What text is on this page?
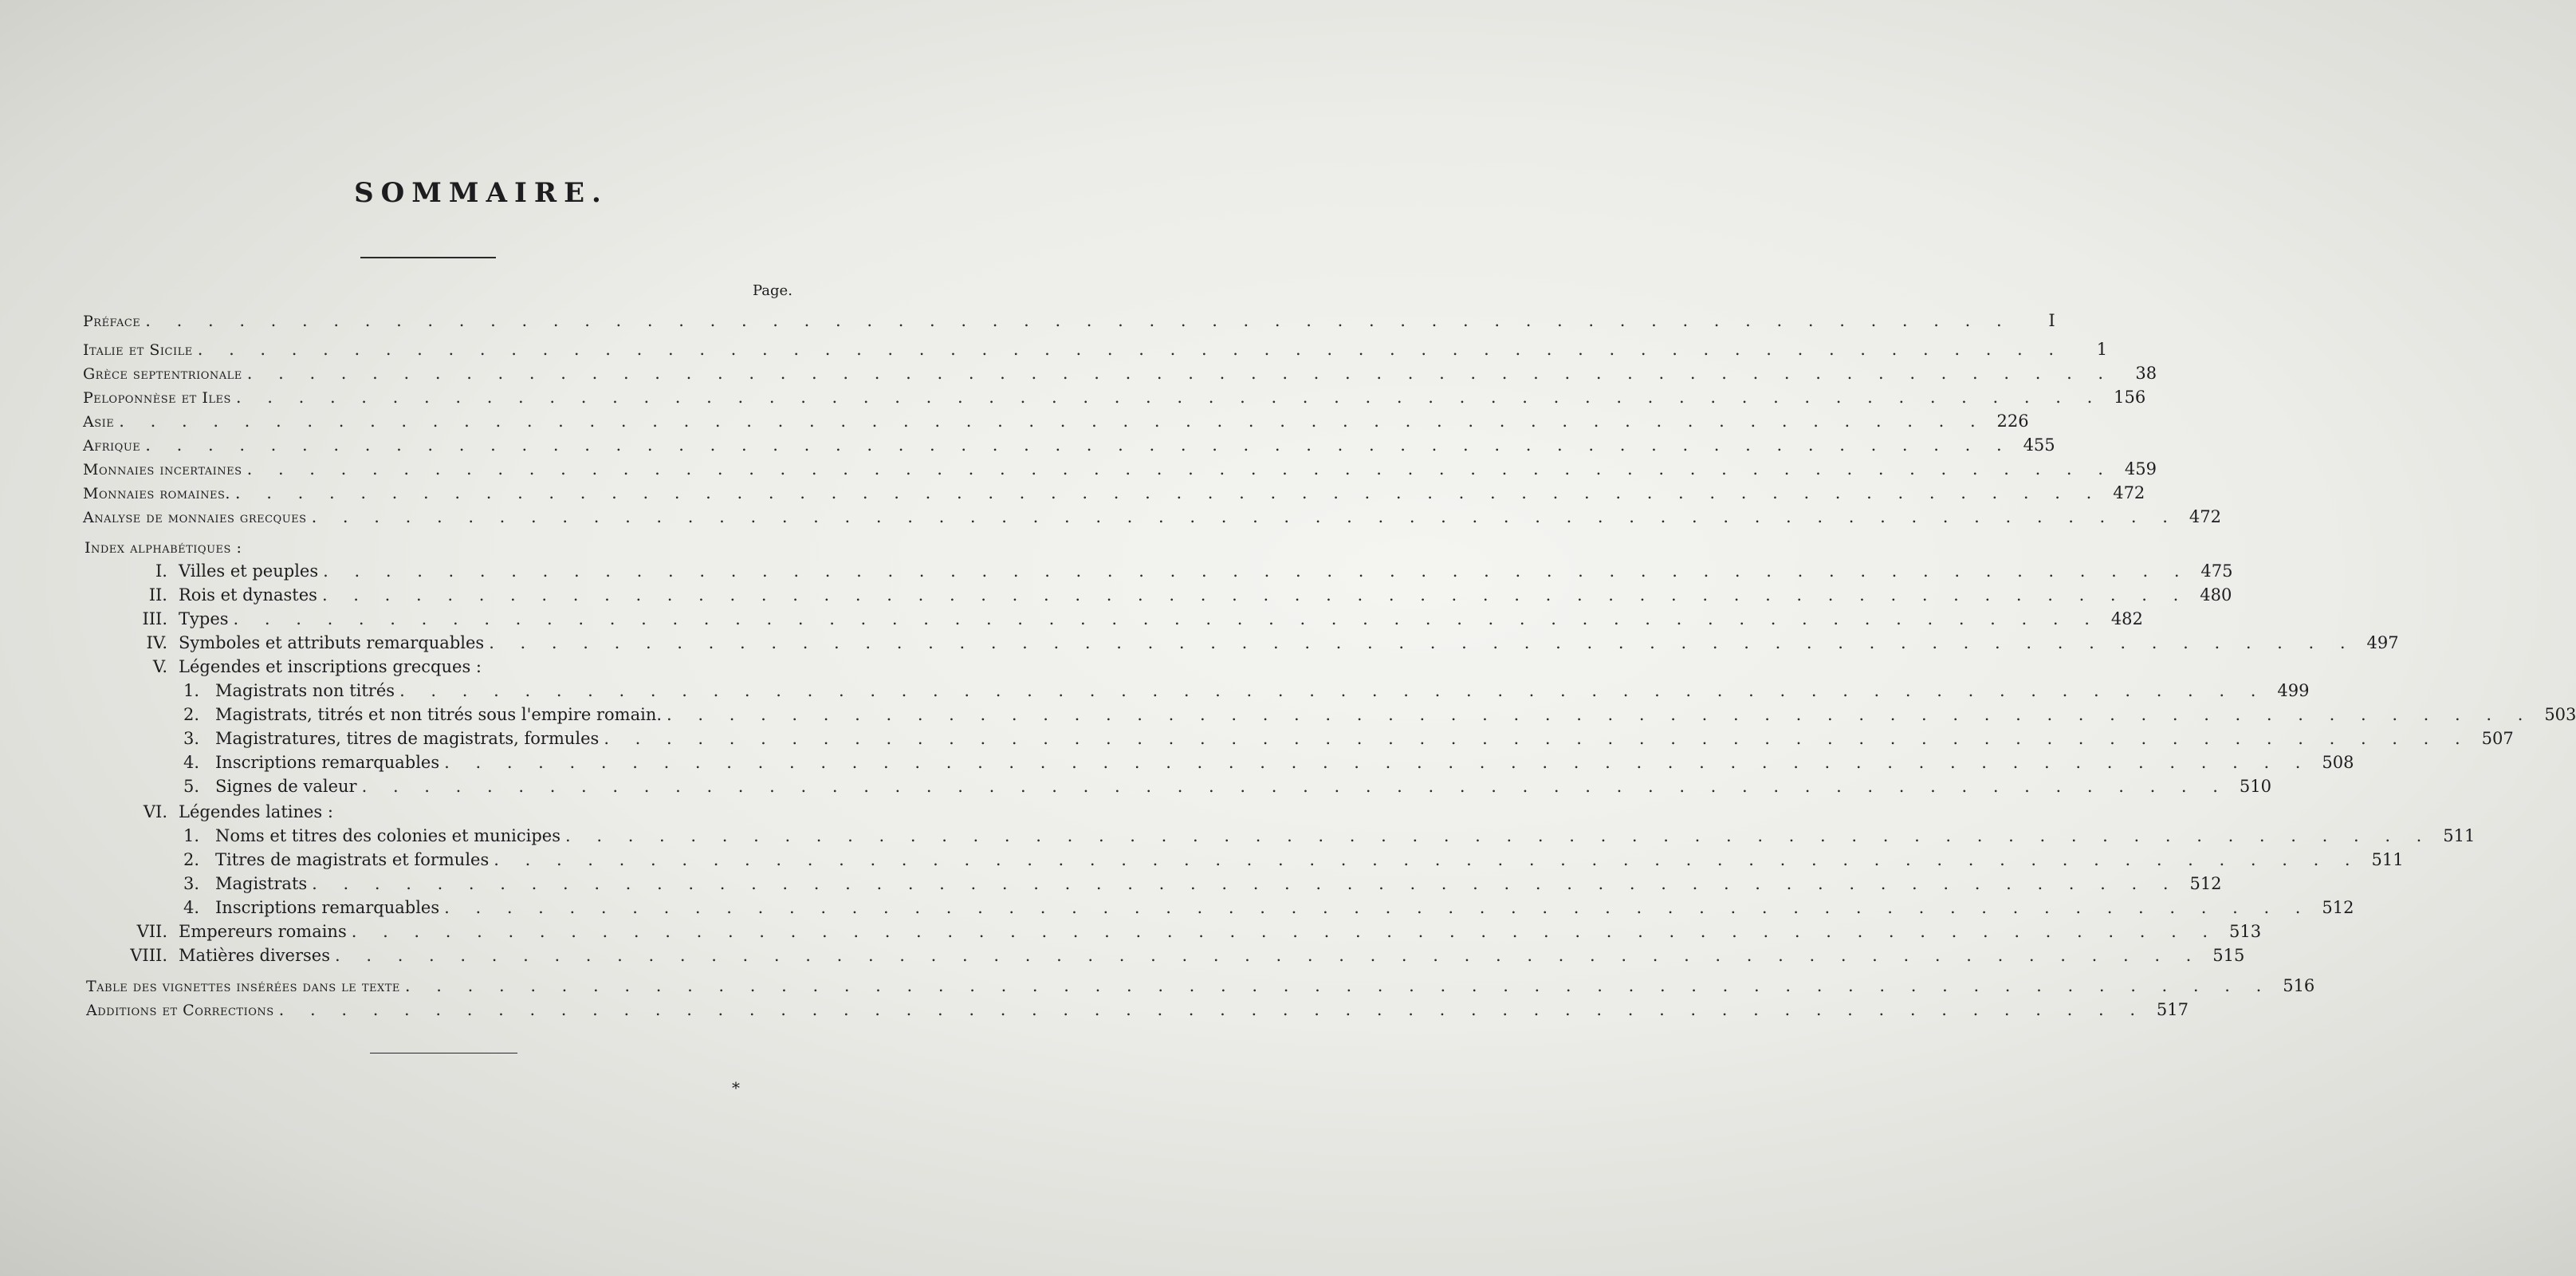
SOMMAIRE.
Page.
Préface . . . . . . . . . . . . . . . . . . . . . . . . . . . . . . . . . . . . . . . . . . . . . . . . . . . . . . . . . . . .	I
Italie et Sicile . . . . . . . . . . . . . . . . . . . . . . . . . . . . . . . . . . . . . . . . . . . . . . . . . . . . . . . . . . . .	1
Grèce septentrionale . . . . . . . . . . . . . . . . . . . . . . . . . . . . . . . . . . . . . . . . . . . . . . . . . . . . . . . . . . . .	38
Peloponnèse et Iles . . . . . . . . . . . . . . . . . . . . . . . . . . . . . . . . . . . . . . . . . . . . . . . . . . . . . . . . . . . . 156
Asie . . . . . . . . . . . . . . . . . . . . . . . . . . . . . . . . . . . . . . . . . . . . . . . . . . . . . . . . . . . . 226
Afrique . . . . . . . . . . . . . . . . . . . . . . . . . . . . . . . . . . . . . . . . . . . . . . . . . . . . . . . . . . . . 455
Monnaies incertaines . . . . . . . . . . . . . . . . . . . . . . . . . . . . . . . . . . . . . . . . . . . . . . . . . . . . . . . . . . . . 459
Monnaies romaines. . . . . . . . . . . . . . . . . . . . . . . . . . . . . . . . . . . . . . . . . . . . . . . . . . . . . . . . . . . . . 472
Analyse de monnaies grecques . . . . . . . . . . . . . . . . . . . . . . . . . . . . . . . . . . . . . . . . . . . . . . . . . . . . . . . . . . . . 472
Index alphabétiques :
I. Villes et peuples . . . . . . . . . . . . . . . . . . . . . . . . . . . . . . . . . . . . . . . . . . . . . . . . . . . . . . . . . . . . 475
II. Rois et dynastes . . . . . . . . . . . . . . . . . . . . . . . . . . . . . . . . . . . . . . . . . . . . . . . . . . . . . . . . . . . . 480
III. Types . . . . . . . . . . . . . . . . . . . . . . . . . . . . . . . . . . . . . . . . . . . . . . . . . . . . . . . . . . . . 482
IV. Symboles et attributs remarquables . . . . . . . . . . . . . . . . . . . . . . . . . . . . . . . . . . . . . . . . . . . . . . . . . . . . . . . . . . . . 497
V. Légendes et inscriptions grecques :
1. Magistrats non titrés . . . . . . . . . . . . . . . . . . . . . . . . . . . . . . . . . . . . . . . . . . . . . . . . . . . . . . . . . . . . 499
2. Magistrats, titrés et non titrés sous l'empire romain. . . . . . . . . . . . . . . . . . . . . . . . . . . . . . . . . . . . . . . . . . . . . . . . . . . . . . . . . . . . . 503
3. Magistratures, titres de magistrats, formules . . . . . . . . . . . . . . . . . . . . . . . . . . . . . . . . . . . . . . . . . . . . . . . . . . . . . . . . . . . . 507
4. Inscriptions remarquables . . . . . . . . . . . . . . . . . . . . . . . . . . . . . . . . . . . . . . . . . . . . . . . . . . . . . . . . . . . . 508
5. Signes de valeur . . . . . . . . . . . . . . . . . . . . . . . . . . . . . . . . . . . . . . . . . . . . . . . . . . . . . . . . . . . . 510
VI. Légendes latines :
1. Noms et titres des colonies et municipes . . . . . . . . . . . . . . . . . . . . . . . . . . . . . . . . . . . . . . . . . . . . . . . . . . . . . . . . . . . . 511
2. Titres de magistrats et formules . . . . . . . . . . . . . . . . . . . . . . . . . . . . . . . . . . . . . . . . . . . . . . . . . . . . . . . . . . . . 511
3. Magistrats . . . . . . . . . . . . . . . . . . . . . . . . . . . . . . . . . . . . . . . . . . . . . . . . . . . . . . . . . . . . 512
4. Inscriptions remarquables . . . . . . . . . . . . . . . . . . . . . . . . . . . . . . . . . . . . . . . . . . . . . . . . . . . . . . . . . . . . 512
VII. Empereurs romains . . . . . . . . . . . . . . . . . . . . . . . . . . . . . . . . . . . . . . . . . . . . . . . . . . . . . . . . . . . . 513
VIII. Matières diverses . . . . . . . . . . . . . . . . . . . . . . . . . . . . . . . . . . . . . . . . . . . . . . . . . . . . . . . . . . . . 515
Table des vignettes insérées dans le texte . . . . . . . . . . . . . . . . . . . . . . . . . . . . . . . . . . . . . . . . . . . . . . . . . . . . . . . . . . . . 516
Additions et Corrections . . . . . . . . . . . . . . . . . . . . . . . . . . . . . . . . . . . . . . . . . . . . . . . . . . . . . . . . . . . . 517
*
